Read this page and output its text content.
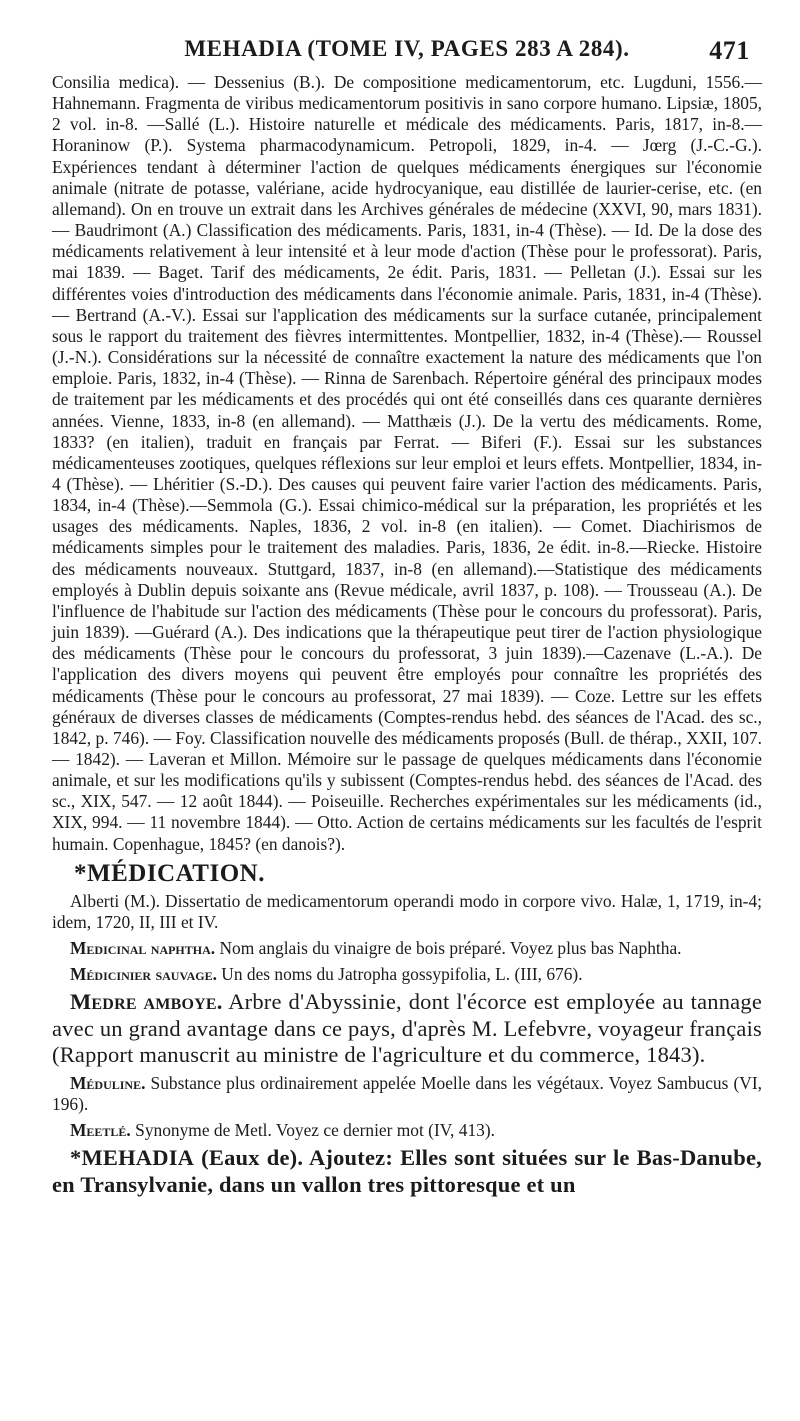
MEHADIA (TOME IV, PAGES 283 A 284).	471

Consilia medica). — Dessenius (B.). De compositione medicamentorum, etc. Lugduni, 1556.— Hahnemann. Fragmenta de viribus medicamentorum positivis in sano corpore humano. Lipsiæ, 1805, 2 vol. in-8. —Sallé (L.). Histoire naturelle et médicale des médicaments. Paris, 1817, in-8.— Horaninow (P.). Systema pharmacodynamicum. Petropoli, 1829, in-4. — Jœrg (J.-C.-G.). Expériences tendant à déterminer l'action de quelques médicaments énergiques sur l'économie animale (nitrate de potasse, valériane, acide hydrocyanique, eau distillée de laurier-cerise, etc. (en allemand). On en trouve un extrait dans les Archives générales de médecine (XXVI, 90, mars 1831). — Baudrimont (A.) Classification des médicaments. Paris, 1831, in-4 (Thèse). — Id. De la dose des médicaments relativement à leur intensité et à leur mode d'action (Thèse pour le professorat). Paris, mai 1839. — Baget. Tarif des médicaments, 2e édit. Paris, 1831. — Pelletan (J.). Essai sur les différentes voies d'introduction des médicaments dans l'économie animale. Paris, 1831, in-4 (Thèse). — Bertrand (A.-V.). Essai sur l'application des médicaments sur la surface cutanée, principalement sous le rapport du traitement des fièvres intermittentes. Montpellier, 1832, in-4 (Thèse).— Roussel (J.-N.). Considérations sur la nécessité de connaître exactement la nature des médicaments que l'on emploie. Paris, 1832, in-4 (Thèse). — Rinna de Sarenbach. Répertoire général des principaux modes de traitement par les médicaments et des procédés qui ont été conseillés dans ces quarante dernières années. Vienne, 1833, in-8 (en allemand). — Matthæis (J.). De la vertu des médicaments. Rome, 1833? (en italien), traduit en français par Ferrat. — Biferi (F.). Essai sur les substances médicamenteuses zootiques, quelques réflexions sur leur emploi et leurs effets. Montpellier, 1834, in-4 (Thèse). — Lhéritier (S.-D.). Des causes qui peuvent faire varier l'action des médicaments. Paris, 1834, in-4 (Thèse).—Semmola (G.). Essai chimico-médical sur la préparation, les propriétés et les usages des médicaments. Naples, 1836, 2 vol. in-8 (en italien). — Comet. Diachirismos de médicaments simples pour le traitement des maladies. Paris, 1836, 2e édit. in-8.—Riecke. Histoire des médicaments nouveaux. Stuttgard, 1837, in-8 (en allemand).—Statistique des médicaments employés à Dublin depuis soixante ans (Revue médicale, avril 1837, p. 108). — Trousseau (A.). De l'influence de l'habitude sur l'action des médicaments (Thèse pour le concours du professorat). Paris, juin 1839). —Guérard (A.). Des indications que la thérapeutique peut tirer de l'action physiologique des médicaments (Thèse pour le concours du professorat, 3 juin 1839).—Cazenave (L.-A.). De l'application des divers moyens qui peuvent être employés pour connaître les propriétés des médicaments (Thèse pour le concours au professorat, 27 mai 1839). — Coze. Lettre sur les effets généraux de diverses classes de médicaments (Comptes-rendus hebd. des séances de l'Acad. des sc., 1842, p. 746). — Foy. Classification nouvelle des médicaments proposés (Bull. de thérap., XXII, 107. — 1842). — Laveran et Millon. Mémoire sur le passage de quelques médicaments dans l'économie animale, et sur les modifications qu'ils y subissent (Comptes-rendus hebd. des séances de l'Acad. des sc., XIX, 547. — 12 août 1844). — Poiseuille. Recherches expérimentales sur les médicaments (id., XIX, 994. — 11 novembre 1844). — Otto. Action de certains médicaments sur les facultés de l'esprit humain. Copenhague, 1845? (en danois?).

*MÉDICATION.

Alberti (M.). Dissertatio de medicamentorum operandi modo in corpore vivo. Halæ, 1, 1719, in-4; idem, 1720, II, III et IV.

Medicinal naphtha. Nom anglais du vinaigre de bois préparé. Voyez plus bas Naphtha.

Médicinier sauvage. Un des noms du Jatropha gossypifolia, L. (III, 676).

Medre amboye. Arbre d'Abyssinie, dont l'écorce est employée au tannage avec un grand avantage dans ce pays, d'après M. Lefebvre, voyageur français (Rapport manuscrit au ministre de l'agriculture et du commerce, 1843).

Méduline. Substance plus ordinairement appelée Moelle dans les végétaux. Voyez Sambucus (VI, 196).

Meetlé. Synonyme de Metl. Voyez ce dernier mot (IV, 413).

*MEHADIA (Eaux de). Ajoutez: Elles sont situées sur le Bas-Danube, en Transylvanie, dans un vallon tres pittoresque et un
